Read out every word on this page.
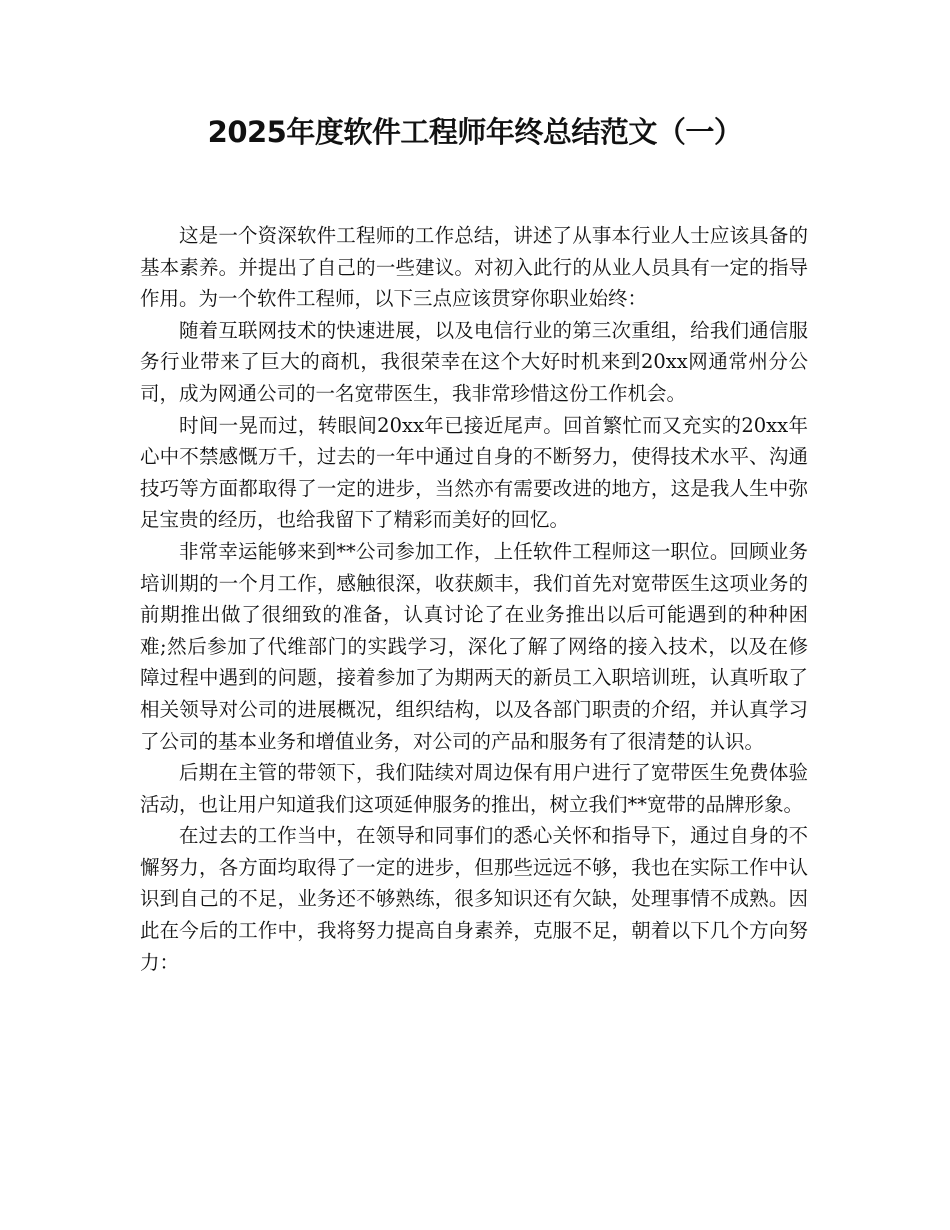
2025年度软件工程师年终总结范文（一）

这是一个资深软件工程师的工作总结，讲述了从事本行业人士应该具备的基本素养。并提出了自己的一些建议。对初入此行的从业人员具有一定的指导作用。为一个软件工程师，以下三点应该贯穿你职业始终：

随着互联网技术的快速进展，以及电信行业的第三次重组，给我们通信服务行业带来了巨大的商机，我很荣幸在这个大好时机来到20xx网通常州分公司，成为网通公司的一名宽带医生，我非常珍惜这份工作机会。

时间一晃而过，转眼间20xx年已接近尾声。回首繁忙而又充实的20xx年心中不禁感慨万千，过去的一年中通过自身的不断努力，使得技术水平、沟通技巧等方面都取得了一定的进步，当然亦有需要改进的地方，这是我人生中弥足宝贵的经历，也给我留下了精彩而美好的回忆。

非常幸运能够来到**公司参加工作，上任软件工程师这一职位。回顾业务培训期的一个月工作，感触很深，收获颇丰，我们首先对宽带医生这项业务的前期推出做了很细致的准备，认真讨论了在业务推出以后可能遇到的种种困难;然后参加了代维部门的实践学习，深化了解了网络的接入技术，以及在修障过程中遇到的问题，接着参加了为期两天的新员工入职培训班，认真听取了相关领导对公司的进展概况，组织结构，以及各部门职责的介绍，并认真学习了公司的基本业务和增值业务，对公司的产品和服务有了很清楚的认识。

后期在主管的带领下，我们陆续对周边保有用户进行了宽带医生免费体验活动，也让用户知道我们这项延伸服务的推出，树立我们**宽带的品牌形象。

在过去的工作当中，在领导和同事们的悉心关怀和指导下，通过自身的不懈努力，各方面均取得了一定的进步，但那些远远不够，我也在实际工作中认识到自己的不足，业务还不够熟练，很多知识还有欠缺，处理事情不成熟。因此在今后的工作中，我将努力提高自身素养，克服不足，朝着以下几个方向努力：
